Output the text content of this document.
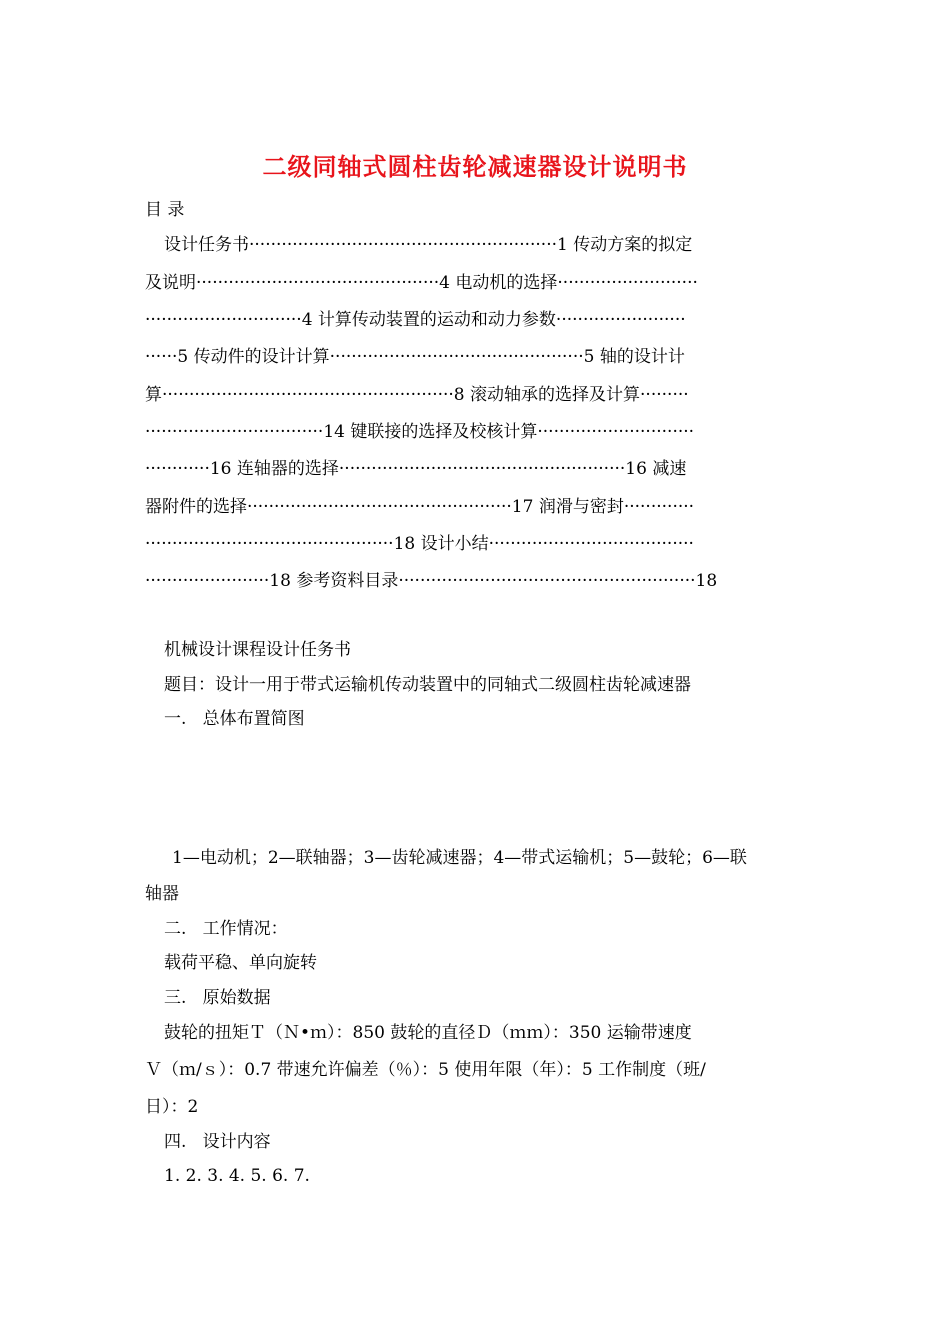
二级同轴式圆柱齿轮减速器设计说明书
目 录
设计任务书·························································1 传动方案的拟定
及说明·············································4 电动机的选择··························
·····························4 计算传动装置的运动和动力参数························
······5 传动件的设计计算···············································5 轴的设计计
算······················································8 滚动轴承的选择及计算·········
·································14 键联接的选择及校核计算·····························
············16 连轴器的选择·····················································16 减速
器附件的选择·················································17 润滑与密封·············
··············································18 设计小结······································
·······················18 参考资料目录·······················································18
机械设计课程设计任务书
题目：设计一用于带式运输机传动装置中的同轴式二级圆柱齿轮减速器
一.   总体布置简图
1—电动机；2—联轴器；3—齿轮减速器；4—带式运输机；5—鼓轮；6—联
轴器
二.   工作情况：
载荷平稳、单向旋转
三.   原始数据
鼓轮的扭矩Ｔ（Ｎ•ｍ）：850 鼓轮的直径Ｄ（ｍｍ）：350 运输带速度
Ｖ（ｍ/ｓ）：0.7 带速允许偏差（％）：5 使用年限（年）：5 工作制度（班/
日）：2
四.   设计内容
1. 2. 3. 4. 5. 6. 7.
